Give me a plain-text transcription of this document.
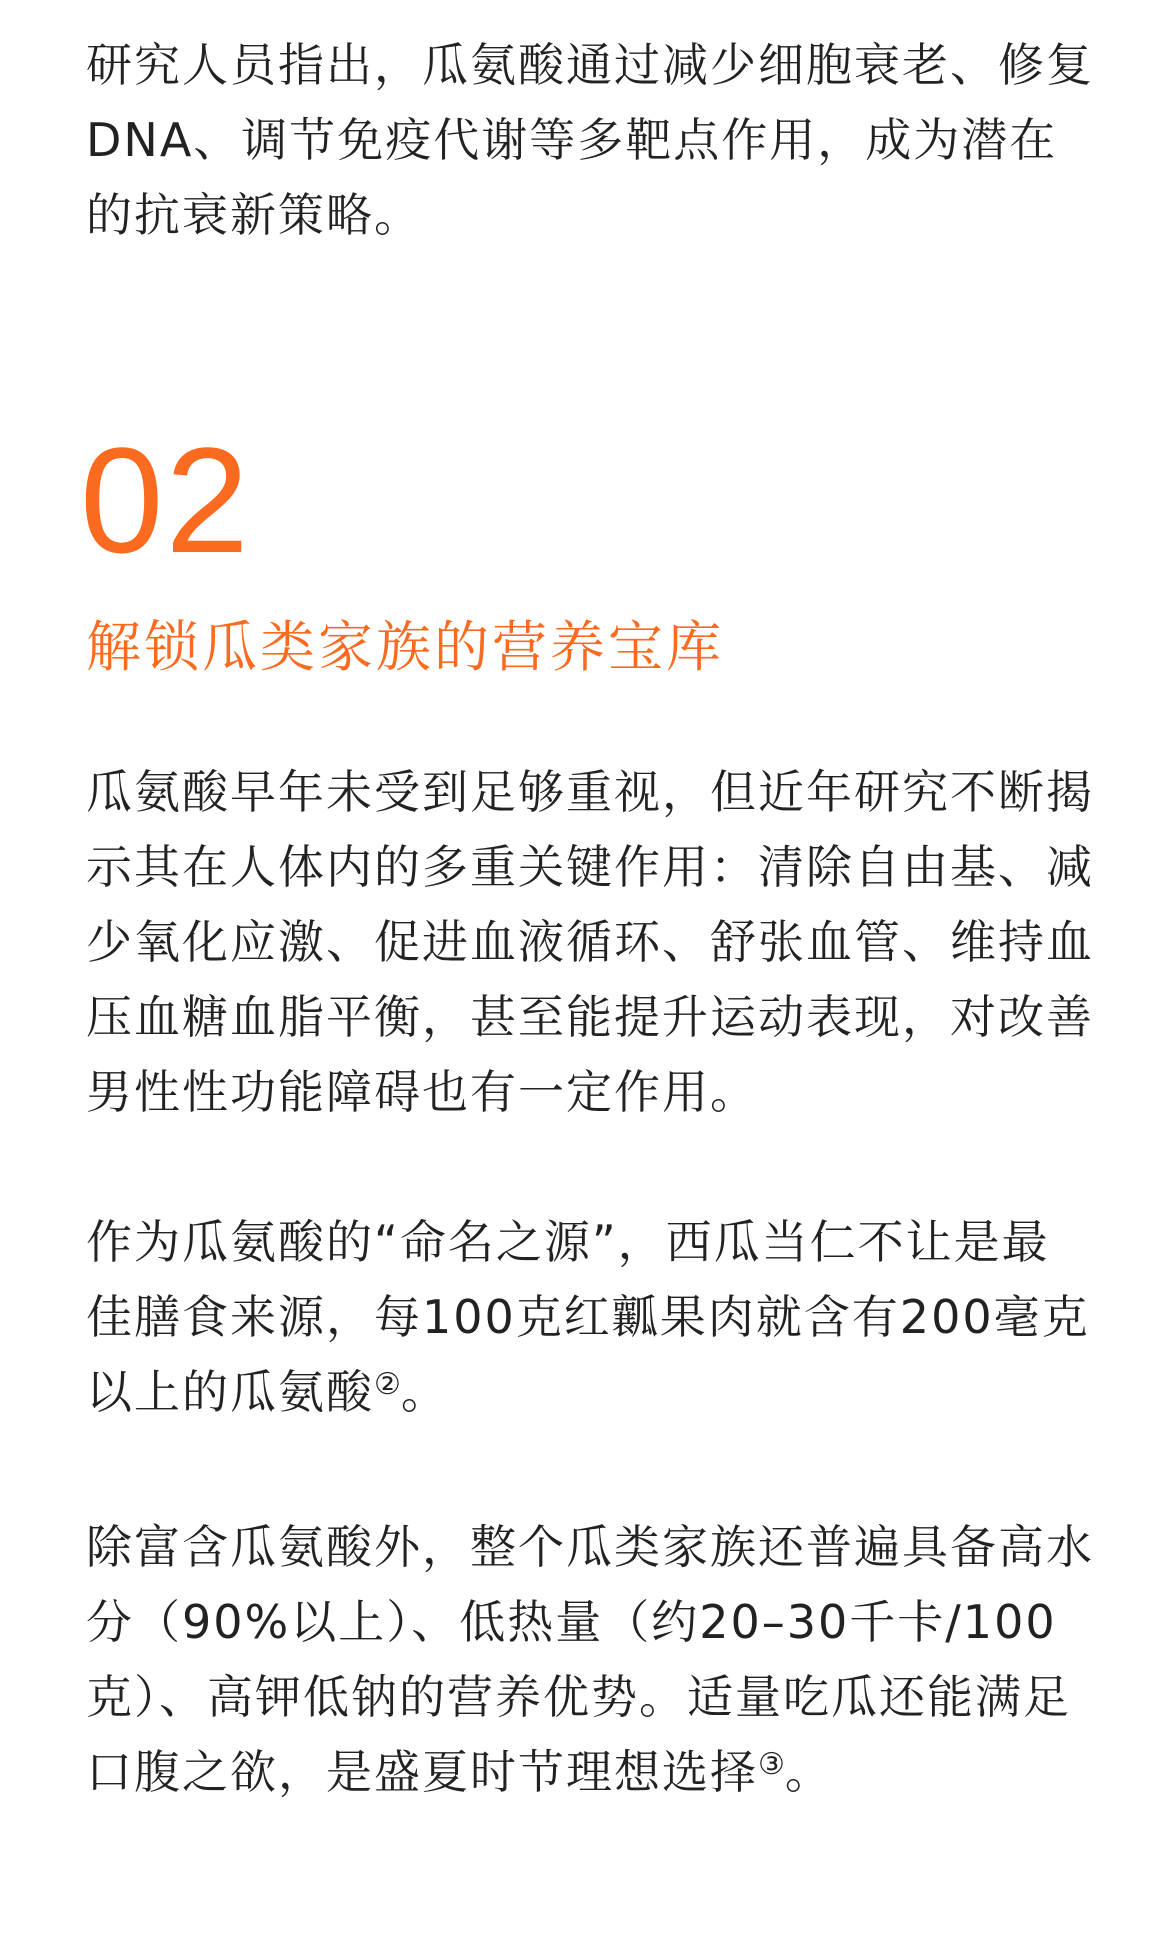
研究人员指出，瓜氨酸通过减少细胞衰老、修复DNA、调节免疫代谢等多靶点作用，成为潜在的抗衰新策略。

02
解锁瓜类家族的营养宝库

瓜氨酸早年未受到足够重视，但近年研究不断揭示其在人体内的多重关键作用：清除自由基、减少氧化应激、促进血液循环、舒张血管、维持血压血糖血脂平衡，甚至能提升运动表现，对改善男性性功能障碍也有一定作用。

作为瓜氨酸的“命名之源”，西瓜当仁不让是最佳膳食来源，每100克红瓤果肉就含有200毫克以上的瓜氨酸②。

除富含瓜氨酸外，整个瓜类家族还普遍具备高水分（90%以上）、低热量（约20–30千卡/100克）、高钾低钠的营养优势。适量吃瓜还能满足口腹之欲，是盛夏时节理想选择③。
